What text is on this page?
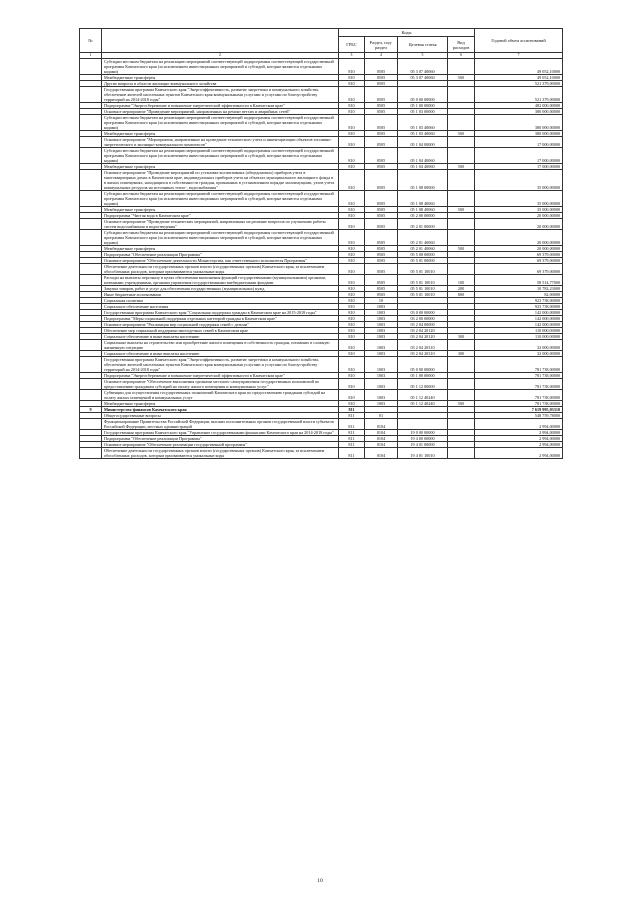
№		Коды				Годовой объем ассигнований
		ГРБС	Раздел, под-раздел	Целевая статья	Вид расходов	
1	2	3	4	5	6	7
	Субсидии местным бюджетам на реализацию мероприятий соответствующей подпрограммы соответствующей государственной программы Камчатского края (за исключением инвестиционных мероприятий и субсидий, которые являются отдельными кодами)	810	0505	05 3 07 40060		49 052,10000
	Межбюджетные трансферты	810	0505	05 3 07 40060	500	49 052,10000
	Другие вопросы в области жилищно-коммунального хозяйства	810	0505			521 379,00000
	Государственная программа Камчатского края "Энергоэффективность, развитие энергетики и коммунального хозяйства, обеспечение жителей населенных пунктов Камчатского края коммунальными услугами и услугами по благоустройству территорий на 2014-2018 годы"	810	0505	05 0 00 00000		521 379,00000
	Подпрограмма "Энергосбережение и повышение энергетической эффективности в Камчатском крае"	810	0505	05 1 00 00000		482 000,00000
	Основное мероприятие "Приведение мероприятий, направленных на ремонт ветхих и аварийных сетей"	810	0505	05 1 03 00000		380 000,00000
	Субсидии местным бюджетам на реализацию мероприятий соответствующей подпрограммы соответствующей государственной программы Камчатского края (за исключением инвестиционных мероприятий и субсидий, которые являются отдельными кодами)	810	0505	05 1 03 40060		380 000,00000
	Межбюджетные трансферты	810	0505	05 1 03 40060	500	380 000,00000
	Основное мероприятие "Мероприятия, направленные на проведение технического учета и инвентаризации объектов топливно-энергетического и жилищно-коммунального комплексов"	810	0505	05 1 04 00000		17 000,00000
	Субсидии местным бюджетам на реализацию мероприятий соответствующей подпрограммы соответствующей государственной программы Камчатского края (за исключением инвестиционных мероприятий и субсидий, которые являются отдельными кодами)	810	0505	05 1 04 40060		17 000,00000
	Межбюджетные трансферты	810	0505	05 1 04 40060	500	17 000,00000
	Основное мероприятие "Проведение мероприятий по установке коллективных (общедомовых) приборов учета в многоквартирных домах в Камчатском крае, индивидуальных приборов учета на объектах муниципального жилищного фонда и в жилых помещениях, находящихся в собственности граждан, признанных в установленном порядке малоимущими, узлов учета коммунальных ресурсов на источниках тепло-, водоснабжения"	810	0505	05 1 08 00000		35 000,00000
	Субсидии местным бюджетам на реализацию мероприятий соответствующей подпрограммы соответствующей государственной программы Камчатского края (за исключением инвестиционных мероприятий и субсидий, которые являются отдельными кодами)	810	0505	05 1 08 40060		35 000,00000
	Межбюджетные трансферты	810	0505	05 1 08 40060	500	35 000,00000
	Подпрограмма "Чистая вода в Камчатском крае"	810	0505	05 2 00 00000		20 000,00000
	Основное мероприятие "Проведение технических мероприятий, направленных на решение вопросов по улучшению работы систем водоснабжения и водоотведения"	810	0505	05 2 01 00000		20 000,00000
	Субсидии местным бюджетам на реализацию мероприятий соответствующей подпрограммы соответствующей государственной программы Камчатского края (за исключением инвестиционных мероприятий и субсидий, которые являются отдельными кодами)	810	0505	05 2 01 40060		20 000,00000
	Межбюджетные трансферты	810	0505	05 2 01 40060	500	20 000,00000
	Подпрограмма "Обеспечение реализации Программы"	810	0505	05 5 00 00000		69 379,00000
	Основное мероприятие "Обеспечение деятельности Министерства, как ответственного исполнителя Программы"	810	0505	05 5 01 00000		69 379,00000
	Обеспечение деятельности государственных органов власти (государственных органов) Камчатского края, за исключением обособленных расходов, которым присваиваются уникальные коды	810	0505	05 5 01 10010		69 379,00000
	Расходы на выплаты персоналу в целях обеспечения выполнения функций государственными (муниципальными) органами, казенными учреждениями, органами управления государственными внебюджетными фондами	810	0505	05 5 01 10010	100	58 514,77000
	Закупка товаров, работ и услуг для обеспечения государственных (муниципальных) нужд	810	0505	05 5 01 10010	200	10 782,23000
	Иные бюджетные ассигнования	810	0505	05 5 01 10010	800	82,00000
	Социальная политика	810	10			923 738,00000
	Социальное обеспечение населения	810	1003			923 738,00000
	Государственная программа Камчатского края "Социальная поддержка граждан в Камчатском крае на 2015-2018 годы"	810	1003	03 0 00 00000		142 000,00000
	Подпрограмма "Меры социальной поддержки отдельных категорий граждан в Камчатском крае"	810	1003	03 2 00 00000		142 000,00000
	Основное мероприятие "Реализация мер социальной поддержки семей с детьми"	810	1003	03 2 04 00000		142 000,00000
	Обеспечение мер социальной поддержки многодетных семей в Камчатском крае	810	1003	03 2 04 20120		110 000,00000
	Социальное обеспечение и иные выплаты населению	810	1003	03 2 04 20120	300	110 000,00000
	Социальные выплаты на строительство или приобретение жилого помещения в собственность граждан, попавших в сложную жизненную ситуацию	810	1003	03 2 04 20310		32 000,00000
	Социальное обеспечение и иные выплаты населению	810	1003	03 2 04 20310	300	32 000,00000
	Государственная программа Камчатского края "Энергоэффективность, развитие энергетики и коммунального хозяйства, обеспечение жителей населенных пунктов Камчатского края коммунальными услугами и услугами по благоустройству территорий на 2014-2018 годы"	810	1003	05 0 00 00000		781 738,00000
	Подпрограмма "Энергосбережение и повышение энергетической эффективности в Камчатском крае"	810	1003	05 1 00 00000		781 738,00000
	Основное мероприятие "Обеспечение выполнения органами местного самоуправления государственных полномочий по предоставлению гражданам субсидий на оплату жилого помещения и коммунальных услуг"	810	1003	05 1 12 00000		781 738,00000
	Субвенции для осуществления государственных полномочий Камчатского края по предоставлению гражданам субсидий на оплату жилых помещений и коммунальных услуг	810	1003	05 1 12 40240		781 738,00000
	Межбюджетные трансферты	810	1003	05 1 12 40240	500	781 738,00000
9	Министерство финансов Камчатского края	811				7 619 995,03310
	Общегосударственные вопросы	811	01			548 759,78000
	Функционирование Правительства Российской Федерации, высших исполнительных органов государственной власти субъектов Российской Федерации, местных администраций	811	0104			2 994,00000
	Государственная программа Камчатского края "Управление государственными финансами Камчатского края на 2014-2018 годы"	811	0104	19 0 00 00000		2 994,00000
	Подпрограмма "Обеспечение реализации Программы"	811	0104	19 4 00 00000		2 994,00000
	Основное мероприятие "Обеспечение реализации государственной программы"	811	0104	19 4 01 00000		2 994,00000
	Обеспечение деятельности государственных органов власти (государственных органов) Камчатского края, за исключением обособленных расходов, которым присваиваются уникальные коды	811	0104	19 4 01 10010		2 994,00000
10
